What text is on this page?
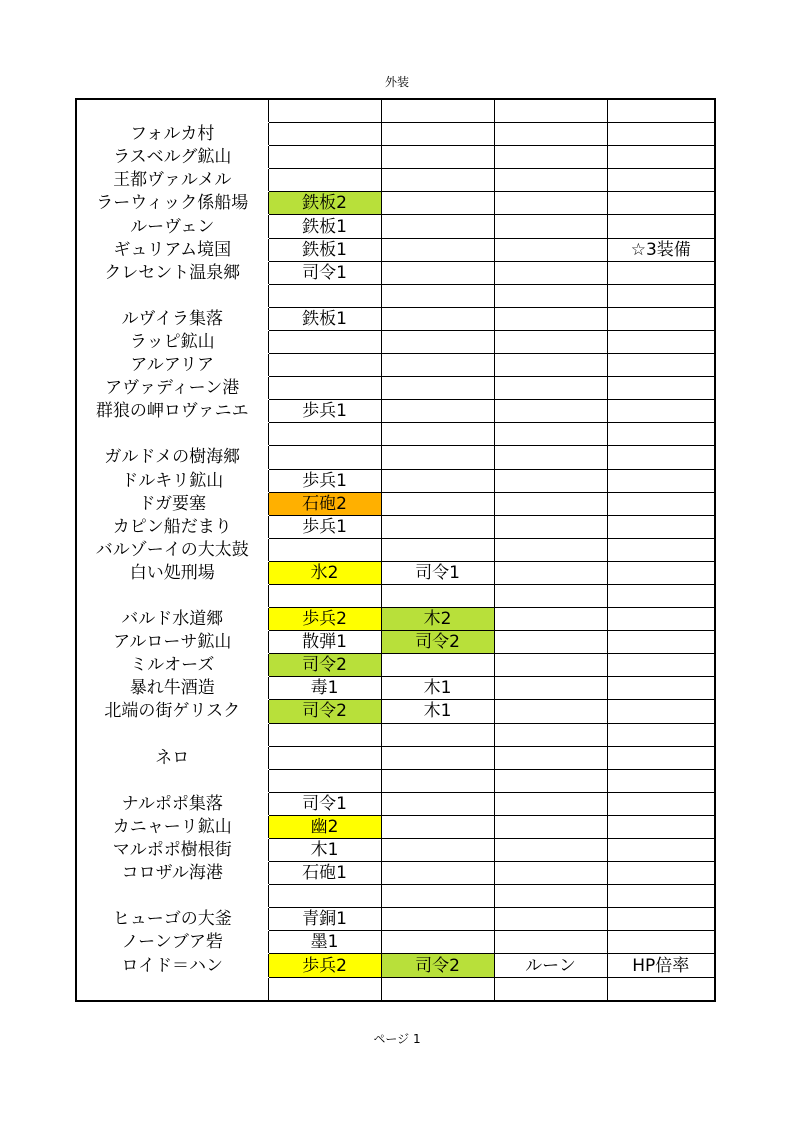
外装

フォルカ村				
ラスベルグ鉱山				
王都ヴァルメル				
ラーウィック係船場	鉄板2			
ルーヴェン	鉄板1			
ギュリアム境国	鉄板1			☆3装備
クレセント温泉郷	司令1			

ルヴイラ集落	鉄板1			
ラッピ鉱山				
アルアリア				
アヴァディーン港				
群狼の岬ロヴァニエ	歩兵1			

ガルドメの樹海郷				
ドルキリ鉱山	歩兵1			
ドガ要塞	石砲2			
カピン船だまり	歩兵1			
バルゾーイの大太鼓				
白い処刑場	氷2	司令1		

バルド水道郷	歩兵2	木2		
アルローサ鉱山	散弾1	司令2		
ミルオーズ	司令2			
暴れ牛酒造	毒1	木1		
北端の街ゲリスク	司令2	木1		

ネロ				

ナルポポ集落	司令1			
カニャーリ鉱山	幽2			
マルポポ樹根街	木1			
コロザル海港	石砲1			

ヒューゴの大釜	青銅1			
ノーンブア砦	墨1			
ロイド＝ハン	歩兵2	司令2	ルーン	HP倍率

ページ 1
